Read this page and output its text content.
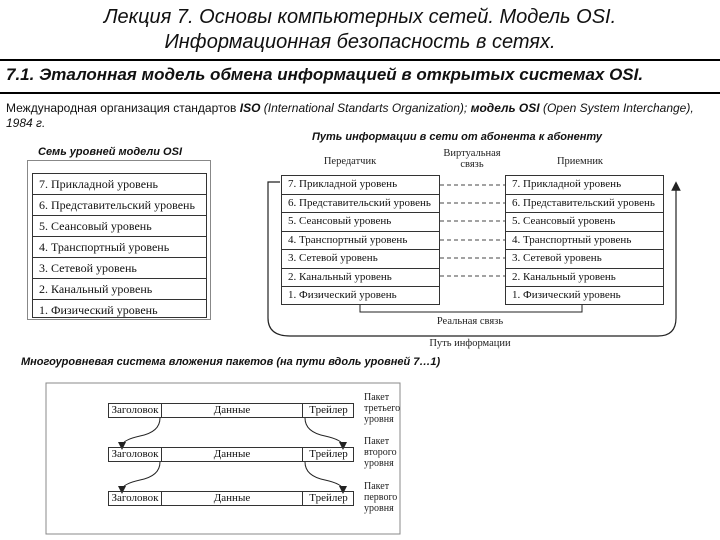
Лекция 7. Основы компьютерных сетей. Модель OSI.
Информационная безопасность в сетях.
7.1. Эталонная модель обмена информацией в открытых системах OSI.
Международная организация стандартов ISO (International Standarts Organization); модель OSI (Open System Interchange), 1984 г.
Семь уровней модели OSI
Путь информации в сети от абонента к абоненту
7. Прикладной уровень
6. Представительский уровень
5. Сеансовый уровень
4. Транспортный уровень
3. Сетевой уровень
2. Канальный уровень
1. Физический уровень
Передатчик
Виртуальная связь	Приемник
Реальная связь
Путь информации
7. Прикладной уровень
6. Представительский уровень
5. Сеансовый уровень
4. Транспортный уровень
3. Сетевой уровень
2. Канальный уровень
1. Физический уровень
7. Прикладной уровень
6. Представительский уровень
5. Сеансовый уровень
4. Транспортный уровень
3. Сетевой уровень
2. Канальный уровень
1. Физический уровень
Многоуровневая система вложения пакетов (на пути вдоль уровней 7…1)
Заголовок	Данные	Трейлер
Пакет
третьего
уровня
Заголовок	Данные	Трейлер
Пакет
второго
уровня
Заголовок	Данные	Трейлер
Пакет
первого
уровня
